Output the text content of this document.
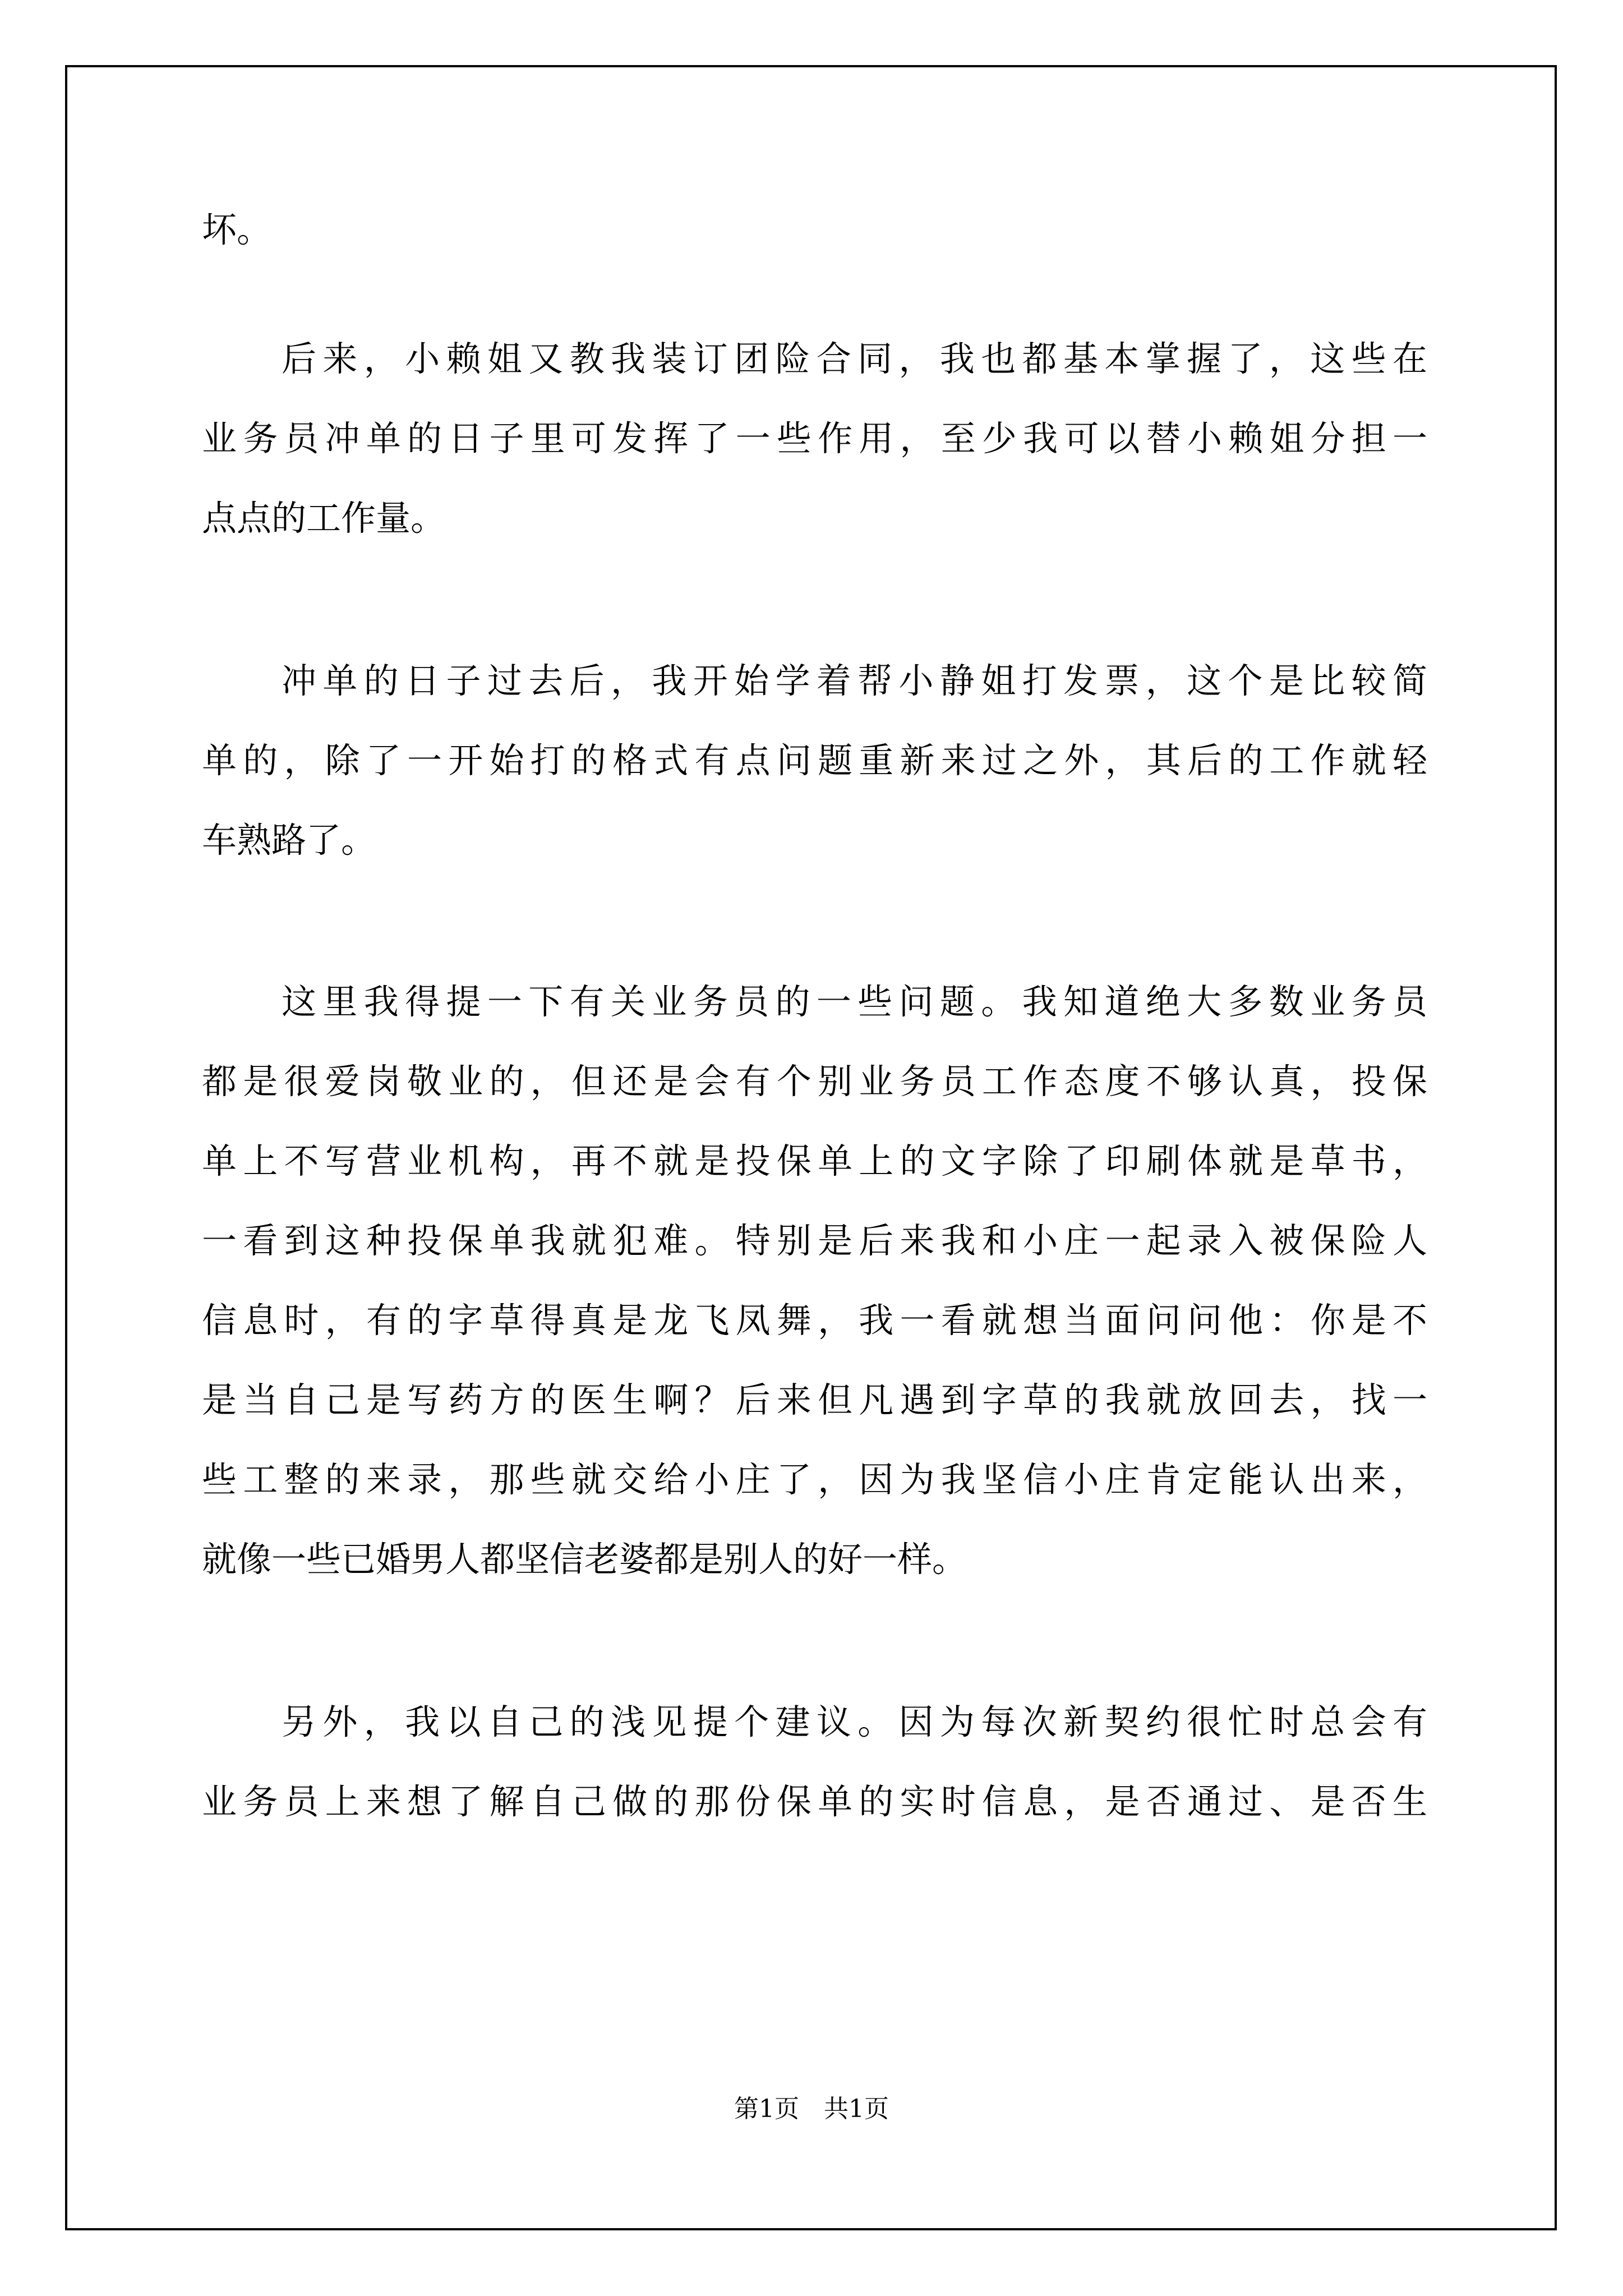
坏。

后来，小赖姐又教我装订团险合同，我也都基本掌握了，这些在

业务员冲单的日子里可发挥了一些作用，至少我可以替小赖姐分担一

点点的工作量。

冲单的日子过去后，我开始学着帮小静姐打发票，这个是比较简

单的，除了一开始打的格式有点问题重新来过之外，其后的工作就轻

车熟路了。

这里我得提一下有关业务员的一些问题。我知道绝大多数业务员

都是很爱岗敬业的，但还是会有个别业务员工作态度不够认真，投保

单上不写营业机构，再不就是投保单上的文字除了印刷体就是草书，

一看到这种投保单我就犯难。特别是后来我和小庄一起录入被保险人

信息时，有的字草得真是龙飞凤舞，我一看就想当面问问他：你是不

是当自己是写药方的医生啊？后来但凡遇到字草的我就放回去，找一

些工整的来录，那些就交给小庄了，因为我坚信小庄肯定能认出来，

就像一些已婚男人都坚信老婆都是别人的好一样。

另外，我以自己的浅见提个建议。因为每次新契约很忙时总会有

业务员上来想了解自己做的那份保单的实时信息，是否通过、是否生

第1页　共1页
